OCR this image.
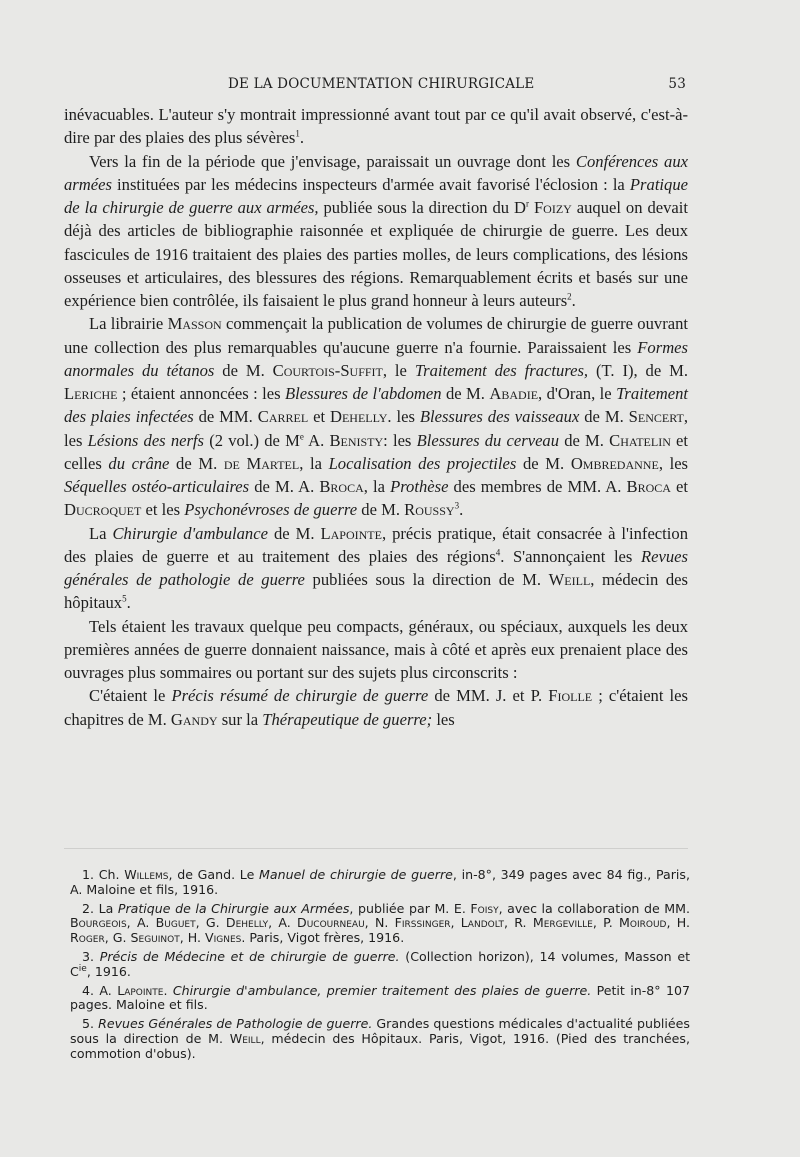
DE LA DOCUMENTATION CHIRURGICALE	53

inévacuables. L'auteur s'y montrait impressionné avant tout par ce qu'il avait observé, c'est-à-dire par des plaies des plus sévères$^1$.

Vers la fin de la période que j'envisage, paraissait un ouvrage dont les Conférences aux armées instituées par les médecins inspecteurs d'armée avait favorisé l'éclosion : la Pratique de la chirurgie de guerre aux armées, publiée sous la direction du $D^r$ Foizy auquel on devait déjà des articles de bibliographie raisonnée et expliquée de chirurgie de guerre. Les deux fascicules de 1916 traitaient des plaies des parties molles, de leurs complications, des lésions osseuses et articulaires, des blessures des régions. Remarquablement écrits et basés sur une expérience bien contrôlée, ils faisaient le plus grand honneur à leurs auteurs$^2$.

La librairie Masson commençait la publication de volumes de chirurgie de guerre ouvrant une collection des plus remarquables qu'aucune guerre n'a fournie. Paraissaient les Formes anormales du tétanos de M. Courtois-Suffit, le Traitement des fractures, (T. I), de M. Leriche ; étaient annoncées : les Blessures de l'abdomen de M. Abadie, d'Oran, le Traitement des plaies infectées de MM. Carrel et Dehelly. les Blessures des vaisseaux de M. Sencert, les Lésions des nerfs (2 vol.) de Me A. Benisty: les Blessures du cerveau de M. Chatelin et celles du crâne de M. de Martel, la Localisation des projectiles de M. Ombredanne, les Séquelles ostéo-articulaires de M. A. Broca, la Prothèse des membres de MM. A. Broca et Ducroquet et les Psychonévroses de guerre de M. Roussy$^3$.

La Chirurgie d'ambulance de M. Lapointe, précis pratique, était consacrée à l'infection des plaies de guerre et au traitement des plaies des régions$^4$. S'annonçaient les Revues générales de pathologie de guerre publiées sous la direction de M. Weill, médecin des hôpitaux$^5$.

Tels étaient les travaux quelque peu compacts, généraux, ou spéciaux, auxquels les deux premières années de guerre donnaient naissance, mais à côté et après eux prenaient place des ouvrages plus sommaires ou portant sur des sujets plus circonscrits :

C'étaient le Précis résumé de chirurgie de guerre de MM. J. et P. Fiolle ; c'étaient les chapitres de M. Gandy sur la Thérapeutique de guerre; les

1. Ch. Willems, de Gand. Le Manuel de chirurgie de guerre, in-8°, 349 pages avec 84 fig., Paris, A. Maloine et fils, 1916.

2. La Pratique de la Chirurgie aux Armées, publiée par M. E. Foisy, avec la collaboration de MM. Bourgeois, A. Buguet, G. Dehelly, A. Ducourneau, N. Firssinger, Landolt, R. Mergeville, P. Moiroud, H. Roger, G. Seguinot, H. Vignes. Paris, Vigot frères, 1916.

3. Précis de Médecine et de chirurgie de guerre. (Collection horizon), 14 volumes, Masson et $C^{ie}$, 1916.

4. A. Lapointe. Chirurgie d'ambulance, premier traitement des plaies de guerre. Petit in-8° 107 pages. Maloine et fils.

5. Revues Générales de Pathologie de guerre. Grandes questions médicales d'actualité publiées sous la direction de M. Weill, médecin des Hôpitaux. Paris, Vigot, 1916. (Pied des tranchées, commotion d'obus).
